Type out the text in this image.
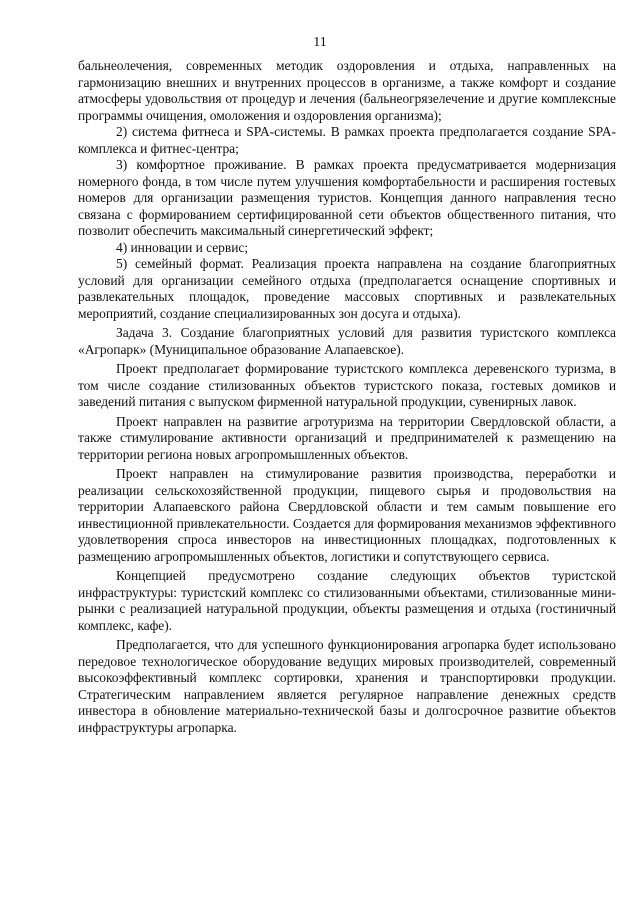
11

бальнеолечения, современных методик оздоровления и отдыха, направленных на гармонизацию внешних и внутренних процессов в организме, а также комфорт и создание атмосферы удовольствия от процедур и лечения (бальнеогрязелечение и другие комплексные программы очищения, омоложения и оздоровления организма);

2) система фитнеса и SPA-системы. В рамках проекта предполагается создание SPA-комплекса и фитнес-центра;

3) комфортное проживание. В рамках проекта предусматривается модернизация номерного фонда, в том числе путем улучшения комфортабельности и расширения гостевых номеров для организации размещения туристов. Концепция данного направления тесно связана с формированием сертифицированной сети объектов общественного питания, что позволит обеспечить максимальный синергетический эффект;

4) инновации и сервис;

5) семейный формат. Реализация проекта направлена на создание благоприятных условий для организации семейного отдыха (предполагается оснащение спортивных и развлекательных площадок, проведение массовых спортивных и развлекательных мероприятий, создание специализированных зон досуга и отдыха).

Задача 3. Создание благоприятных условий для развития туристского комплекса «Агропарк» (Муниципальное образование Алапаевское).

Проект предполагает формирование туристского комплекса деревенского туризма, в том числе создание стилизованных объектов туристского показа, гостевых домиков и заведений питания с выпуском фирменной натуральной продукции, сувенирных лавок.

Проект направлен на развитие агротуризма на территории Свердловской области, а также стимулирование активности организаций и предпринимателей к размещению на территории региона новых агропромышленных объектов.

Проект направлен на стимулирование развития производства, переработки и реализации сельскохозяйственной продукции, пищевого сырья и продовольствия на территории Алапаевского района Свердловской области и тем самым повышение его инвестиционной привлекательности. Создается для формирования механизмов эффективного удовлетворения спроса инвесторов на инвестиционных площадках, подготовленных к размещению агропромышленных объектов, логистики и сопутствующего сервиса.

Концепцией предусмотрено создание следующих объектов туристской инфраструктуры: туристский комплекс со стилизованными объектами, стилизованные мини-рынки с реализацией натуральной продукции, объекты размещения и отдыха (гостиничный комплекс, кафе).

Предполагается, что для успешного функционирования агропарка будет использовано передовое технологическое оборудование ведущих мировых производителей, современный высокоэффективный комплекс сортировки, хранения и транспортировки продукции. Стратегическим направлением является регулярное направление денежных средств инвестора в обновление материально-технической базы и долгосрочное развитие объектов инфраструктуры агропарка.
